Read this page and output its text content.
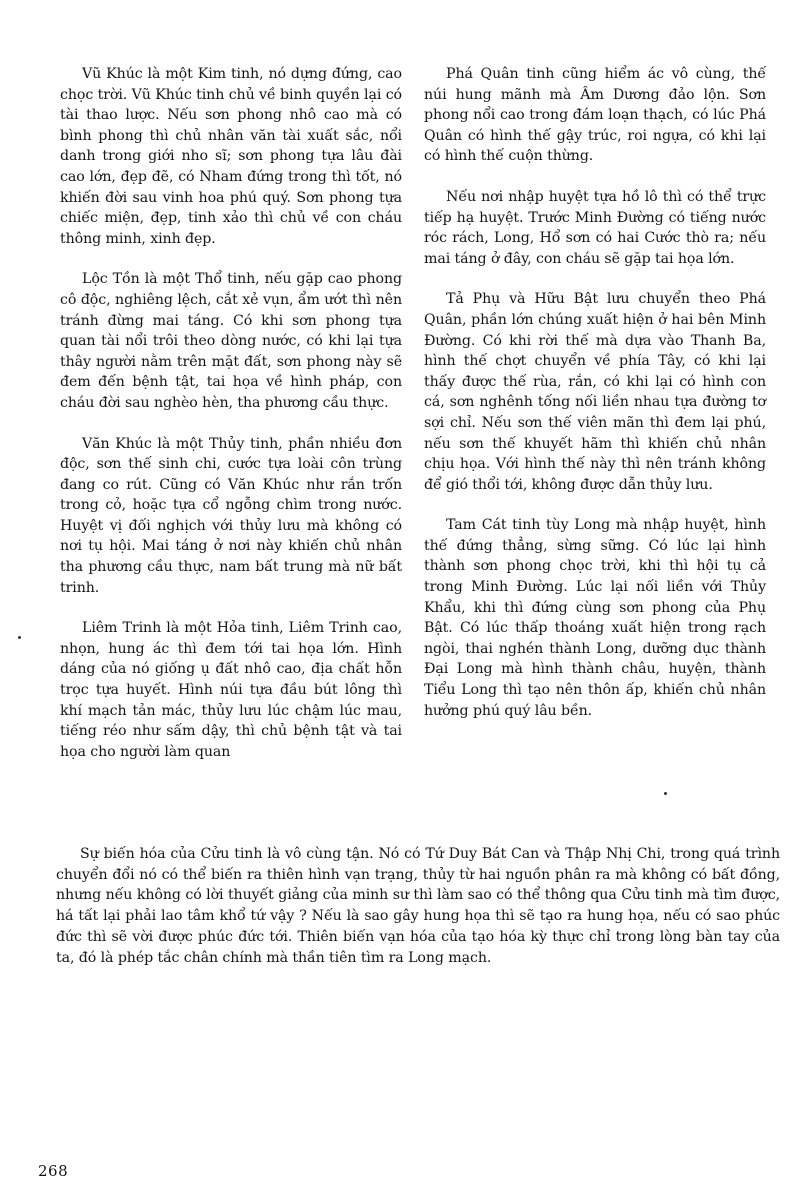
Vũ Khúc là một Kim tinh, nó dựng đứng, cao chọc trời. Vũ Khúc tinh chủ về binh quyền lại có tài thao lược. Nếu sơn phong nhô cao mà có bình phong thì chủ nhân văn tài xuất sắc, nổi danh trong giới nho sĩ; sơn phong tựa lâu đài cao lớn, đẹp đẽ, có Nham đứng trong thì tốt, nó khiến đời sau vinh hoa phú quý. Sơn phong tựa chiếc miện, đẹp, tinh xảo thì chủ về con cháu thông minh, xinh đẹp.

Lộc Tồn là một Thổ tinh, nếu gặp cao phong cô độc, nghiêng lệch, cắt xẻ vụn, ẩm ướt thì nên tránh đừng mai táng. Có khi sơn phong tựa quan tài nổi trôi theo dòng nước, có khi lại tựa thây người nằm trên mặt đất, sơn phong này sẽ đem đến bệnh tật, tai họa về hình pháp, con cháu đời sau nghèo hèn, tha phương cầu thực.

Văn Khúc là một Thủy tinh, phần nhiều đơn độc, sơn thế sinh chi, cước tựa loài côn trùng đang co rút. Cũng có Văn Khúc như rắn trốn trong cỏ, hoặc tựa cổ ngỗng chìm trong nước. Huyệt vị đối nghịch với thủy lưu mà không có nơi tụ hội. Mai táng ở nơi này khiến chủ nhân tha phương cầu thực, nam bất trung mà nữ bất trinh.

Liêm Trinh là một Hỏa tinh, Liêm Trinh cao, nhọn, hung ác thì đem tới tai họa lớn. Hình dáng của nó giống ụ đất nhô cao, địa chất hỗn trọc tựa huyết. Hình núi tựa đầu bút lông thì khí mạch tản mác, thủy lưu lúc chậm lúc mau, tiếng réo như sấm dậy, thì chủ bệnh tật và tai họa cho người làm quan

Phá Quân tinh cũng hiểm ác vô cùng, thế núi hung mãnh mà Âm Dương đảo lộn. Sơn phong nổi cao trong đám loạn thạch, có lúc Phá Quân có hình thế gậy trúc, roi ngựa, có khi lại có hình thế cuộn thừng.

Nếu nơi nhập huyệt tựa hồ lô thì có thể trực tiếp hạ huyệt. Trước Minh Đường có tiếng nước róc rách, Long, Hổ sơn có hai Cước thò ra; nếu mai táng ở đây, con cháu sẽ gặp tai họa lớn.

Tả Phụ và Hữu Bật lưu chuyển theo Phá Quân, phần lớn chúng xuất hiện ở hai bên Minh Đường. Có khi rời thế mà dựa vào Thanh Ba, hình thế chợt chuyển về phía Tây, có khi lại thấy được thế rùa, rắn, có khi lại có hình con cá, sơn nghênh tống nối liền nhau tựa đường tơ sợi chỉ. Nếu sơn thế viên mãn thì đem lại phú, nếu sơn thế khuyết hãm thì khiến chủ nhân chịu họa. Với hình thế này thì nên tránh không để gió thổi tới, không được dẫn thủy lưu.

Tam Cát tinh tùy Long mà nhập huyệt, hình thế đứng thẳng, sừng sững. Có lúc lại hình thành sơn phong chọc trời, khi thì hội tụ cả trong Minh Đường. Lúc lại nối liền với Thủy Khẩu, khi thì đứng cùng sơn phong của Phụ Bật. Có lúc thấp thoáng xuất hiện trong rạch ngòi, thai nghén thành Long, dưỡng dục thành Đại Long mà hình thành châu, huyện, thành Tiểu Long thì tạo nên thôn ấp, khiến chủ nhân hưởng phú quý lâu bền.

Sự biến hóa của Cửu tinh là vô cùng tận. Nó có Tứ Duy Bát Can và Thập Nhị Chi, trong quá trình chuyển đổi nó có thể biến ra thiên hình vạn trạng, thủy từ hai nguồn phân ra mà không có bất đồng, nhưng nếu không có lời thuyết giảng của minh sư thì làm sao có thể thông qua Cửu tinh mà tìm được, há tất lại phải lao tâm khổ tứ vậy ? Nếu là sao gây hung họa thì sẽ tạo ra hung họa, nếu có sao phúc đức thì sẽ vời được phúc đức tới. Thiên biến vạn hóa của tạo hóa kỳ thực chỉ trong lòng bàn tay của ta, đó là phép tắc chân chính mà thần tiên tìm ra Long mạch.

268
